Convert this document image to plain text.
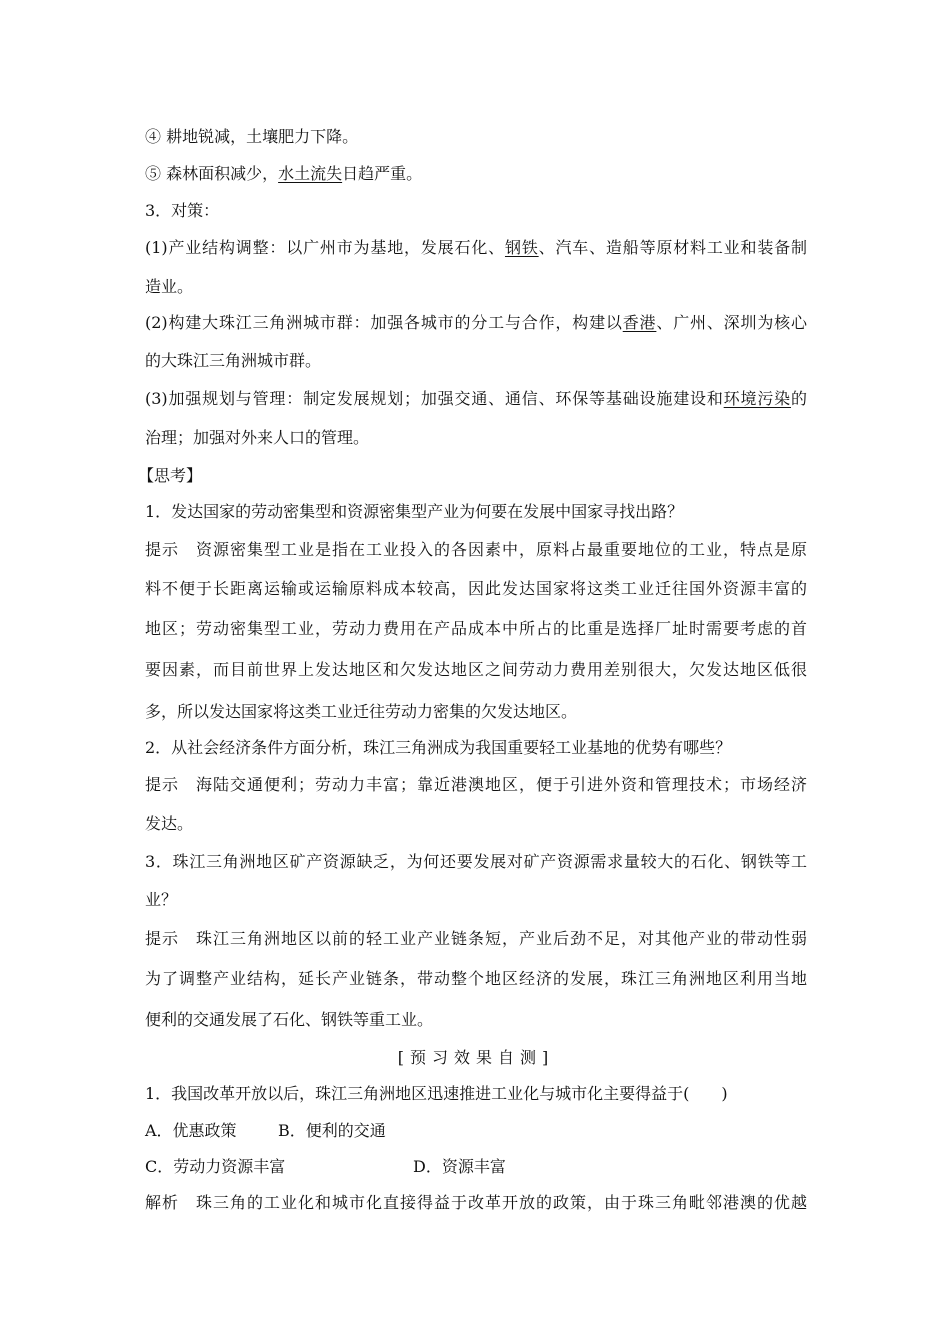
④ 耕地锐减，土壤肥力下降。
⑤ 森林面积减少，水土流失日趋严重。
3．对策：
(1)产业结构调整：以广州市为基地，发展石化、钢铁、汽车、造船等原材料工业和装备制
造业。
(2)构建大珠江三角洲城市群：加强各城市的分工与合作，构建以香港、广州、深圳为核心
的大珠江三角洲城市群。
(3)加强规划与管理：制定发展规划；加强交通、通信、环保等基础设施建设和环境污染的
治理；加强对外来人口的管理。
【思考】
1．发达国家的劳动密集型和资源密集型产业为何要在发展中国家寻找出路？
提示　资源密集型工业是指在工业投入的各因素中，原料占最重要地位的工业，特点是原
料不便于长距离运输或运输原料成本较高，因此发达国家将这类工业迁往国外资源丰富的
地区；劳动密集型工业，劳动力费用在产品成本中所占的比重是选择厂址时需要考虑的首
要因素，而目前世界上发达地区和欠发达地区之间劳动力费用差别很大，欠发达地区低很
多，所以发达国家将这类工业迁往劳动力密集的欠发达地区。
2．从社会经济条件方面分析，珠江三角洲成为我国重要轻工业基地的优势有哪些？
提示　海陆交通便利；劳动力丰富；靠近港澳地区，便于引进外资和管理技术；市场经济
发达。
3．珠江三角洲地区矿产资源缺乏，为何还要发展对矿产资源需求量较大的石化、钢铁等工
业？
提示　珠江三角洲地区以前的轻工业产业链条短，产业后劲不足，对其他产业的带动性弱
为了调整产业结构，延长产业链条，带动整个地区经济的发展，珠江三角洲地区利用当地
便利的交通发展了石化、钢铁等重工业。
[预习效果自测]
1．我国改革开放以后，珠江三角洲地区迅速推进工业化与城市化主要得益于(　　)
A．优惠政策	B．便利的交通
C．劳动力资源丰富	D．资源丰富
解析　珠三角的工业化和城市化直接得益于改革开放的政策，由于珠三角毗邻港澳的优越
